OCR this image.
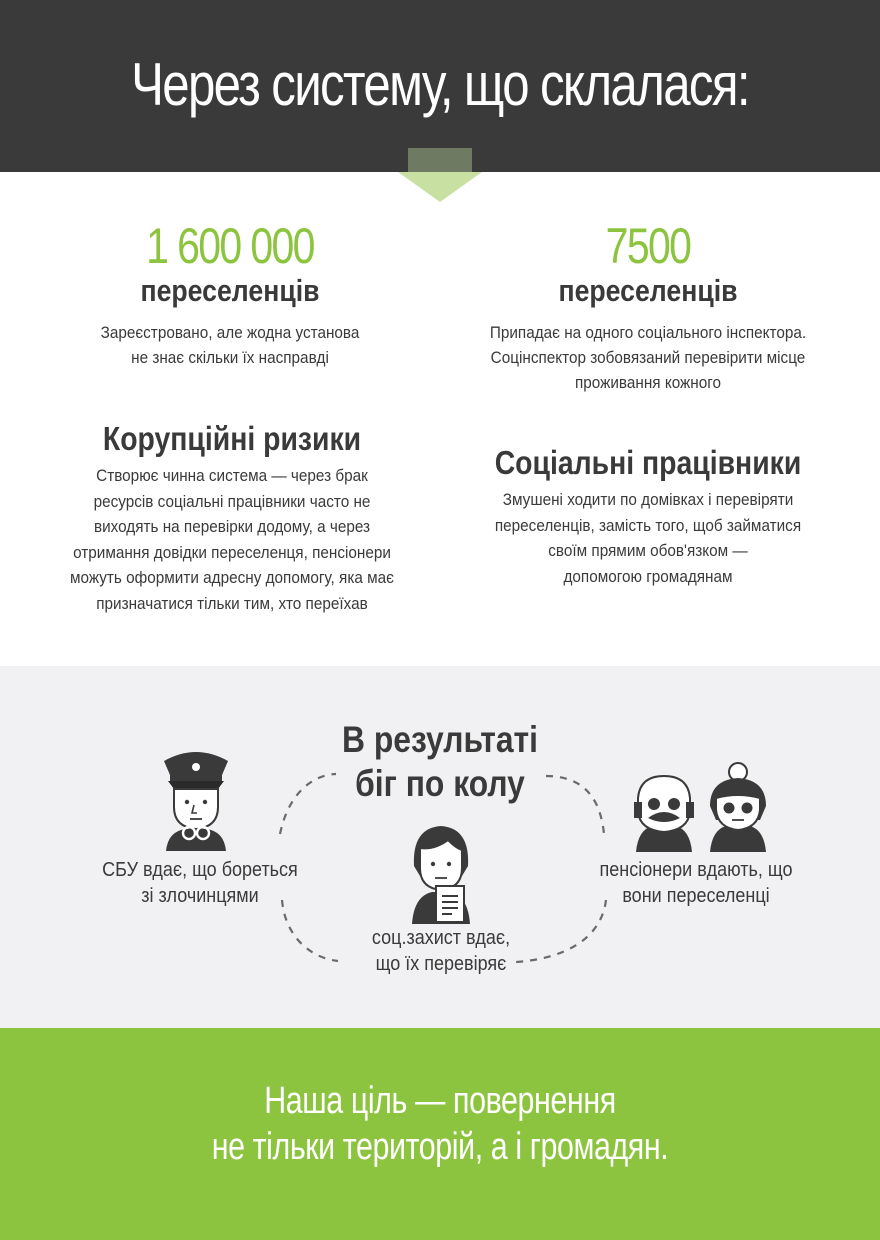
Через систему, що склалася:
1 600 000
переселенців
Зареєстровано, але жодна установа
не знає скільки їх насправді
7500
переселенців
Припадає на одного соціального інспектора.
Соцінспектор зобовязаний перевірити місце
проживання кожного
Корупційні ризики
Створює чинна система — через брак
ресурсів соціальні працівники часто не
виходять на перевірки додому, а через
отримання довідки переселенця, пенсіонери
можуть оформити адресну допомогу, яка має
призначатися тільки тим, хто переїхав
Соціальні працівники
Змушені ходити по домівках і перевіряти
переселенців, замість того, щоб займатися
своїм прямим обов'язком —
допомогою громадянам
В результаті
біг по колу
СБУ вдає, що бореться
зі злочинцями
соц.захист вдає,
що їх перевіряє
пенсіонери вдають, що
вони переселенці
Наша ціль — повернення
не тільки територій, а і громадян.
